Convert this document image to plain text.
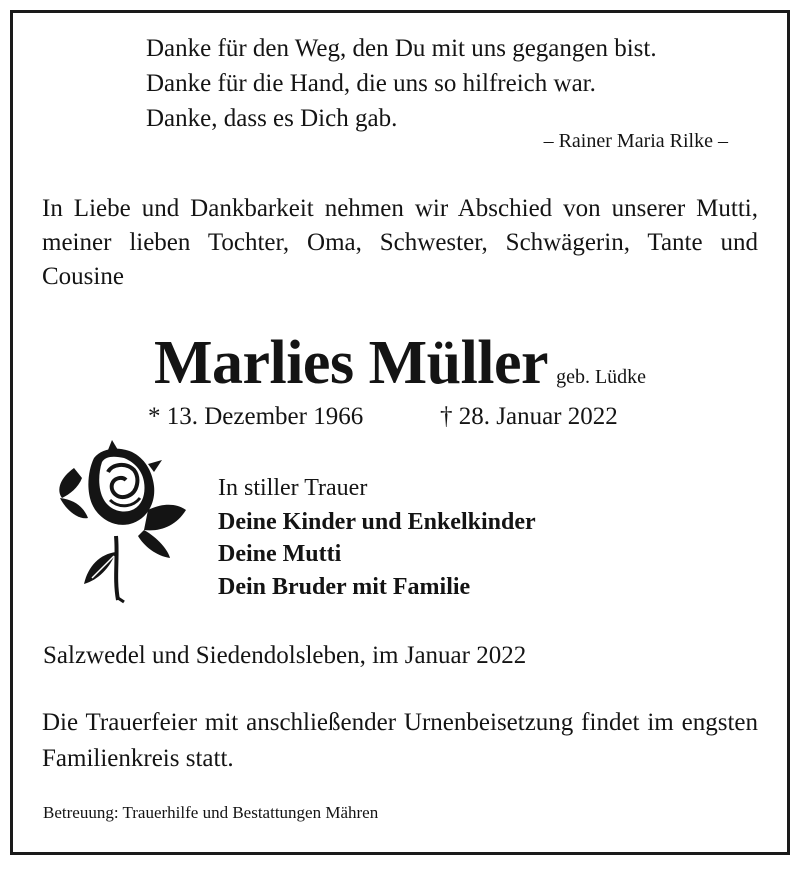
Danke für den Weg, den Du mit uns gegangen bist.

Danke für die Hand, die uns so hilfreich war.

Danke, dass es Dich gab.

– Rainer Maria Rilke –

In Liebe und Dankbarkeit nehmen wir Abschied von unserer Mutti, meiner lieben Tochter, Oma, Schwester, Schwägerin, Tante und Cousine

Marlies Müller geb. Lüdke

* 13. Dezember 1966	† 28. Januar 2022

In stiller Trauer

Deine Kinder und Enkelkinder

Deine Mutti

Dein Bruder mit Familie

Salzwedel und Siedendolsleben, im Januar 2022

Die Trauerfeier mit anschließender Urnenbeisetzung findet im engsten Familienkreis statt.

Betreuung: Trauerhilfe und Bestattungen Mähren
